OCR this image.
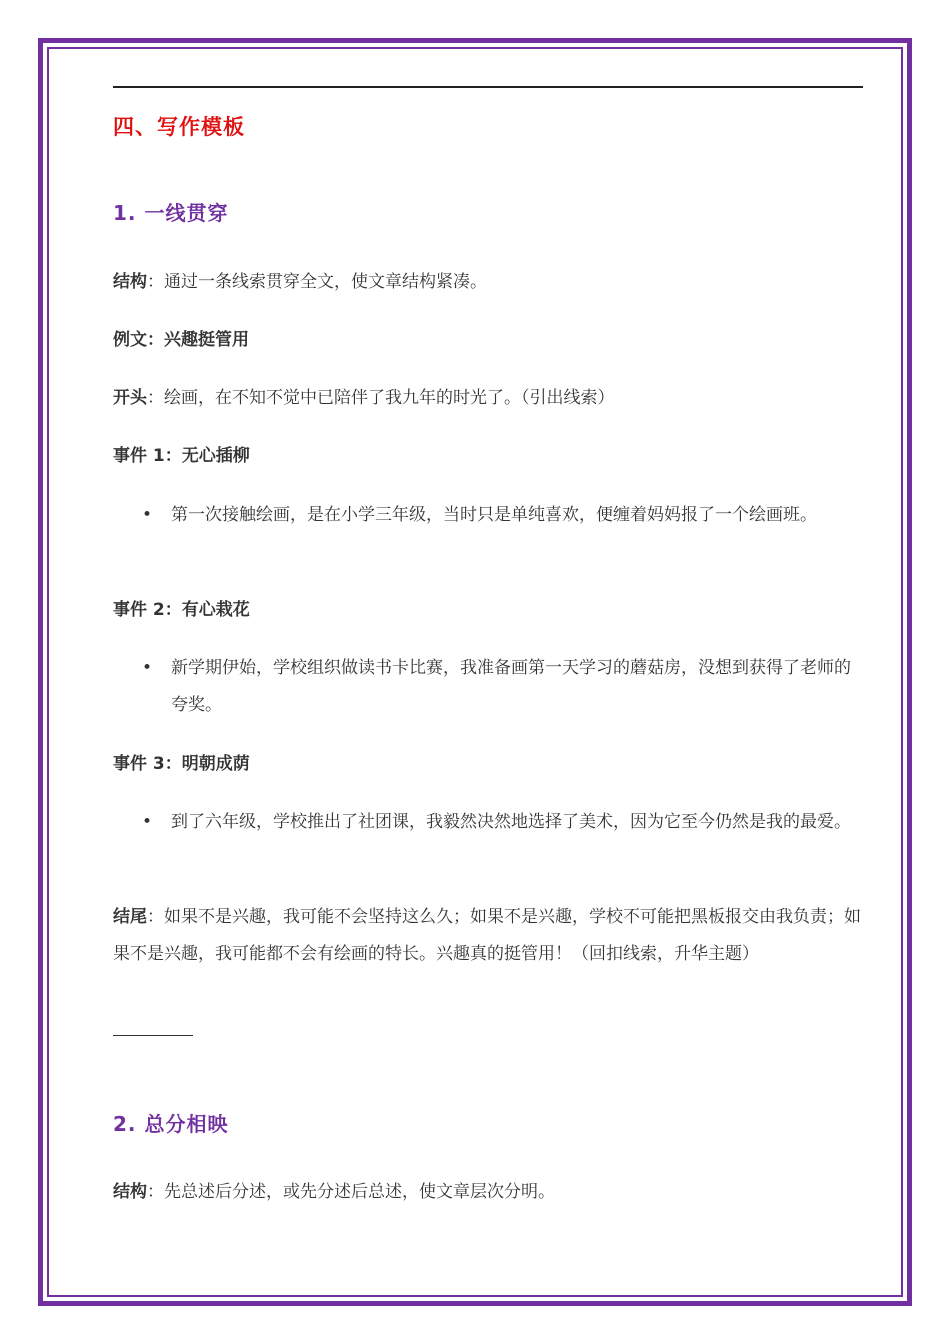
四、写作模板
1. 一线贯穿
结构：通过一条线索贯穿全文，使文章结构紧凑。
例文：兴趣挺管用
开头：绘画，在不知不觉中已陪伴了我九年的时光了。（引出线索）
事件 1：无心插柳
• 第一次接触绘画，是在小学三年级，当时只是单纯喜欢，便缠着妈妈报了一个绘画班。
事件 2：有心栽花
• 新学期伊始，学校组织做读书卡比赛，我准备画第一天学习的蘑菇房，没想到获得了老师的夸奖。
事件 3：明朝成荫
• 到了六年级，学校推出了社团课，我毅然决然地选择了美术，因为它至今仍然是我的最爱。
结尾：如果不是兴趣，我可能不会坚持这么久；如果不是兴趣，学校不可能把黑板报交由我负责；如果不是兴趣，我可能都不会有绘画的特长。兴趣真的挺管用！（回扣线索，升华主题）
2. 总分相映
结构：先总述后分述，或先分述后总述，使文章层次分明。
